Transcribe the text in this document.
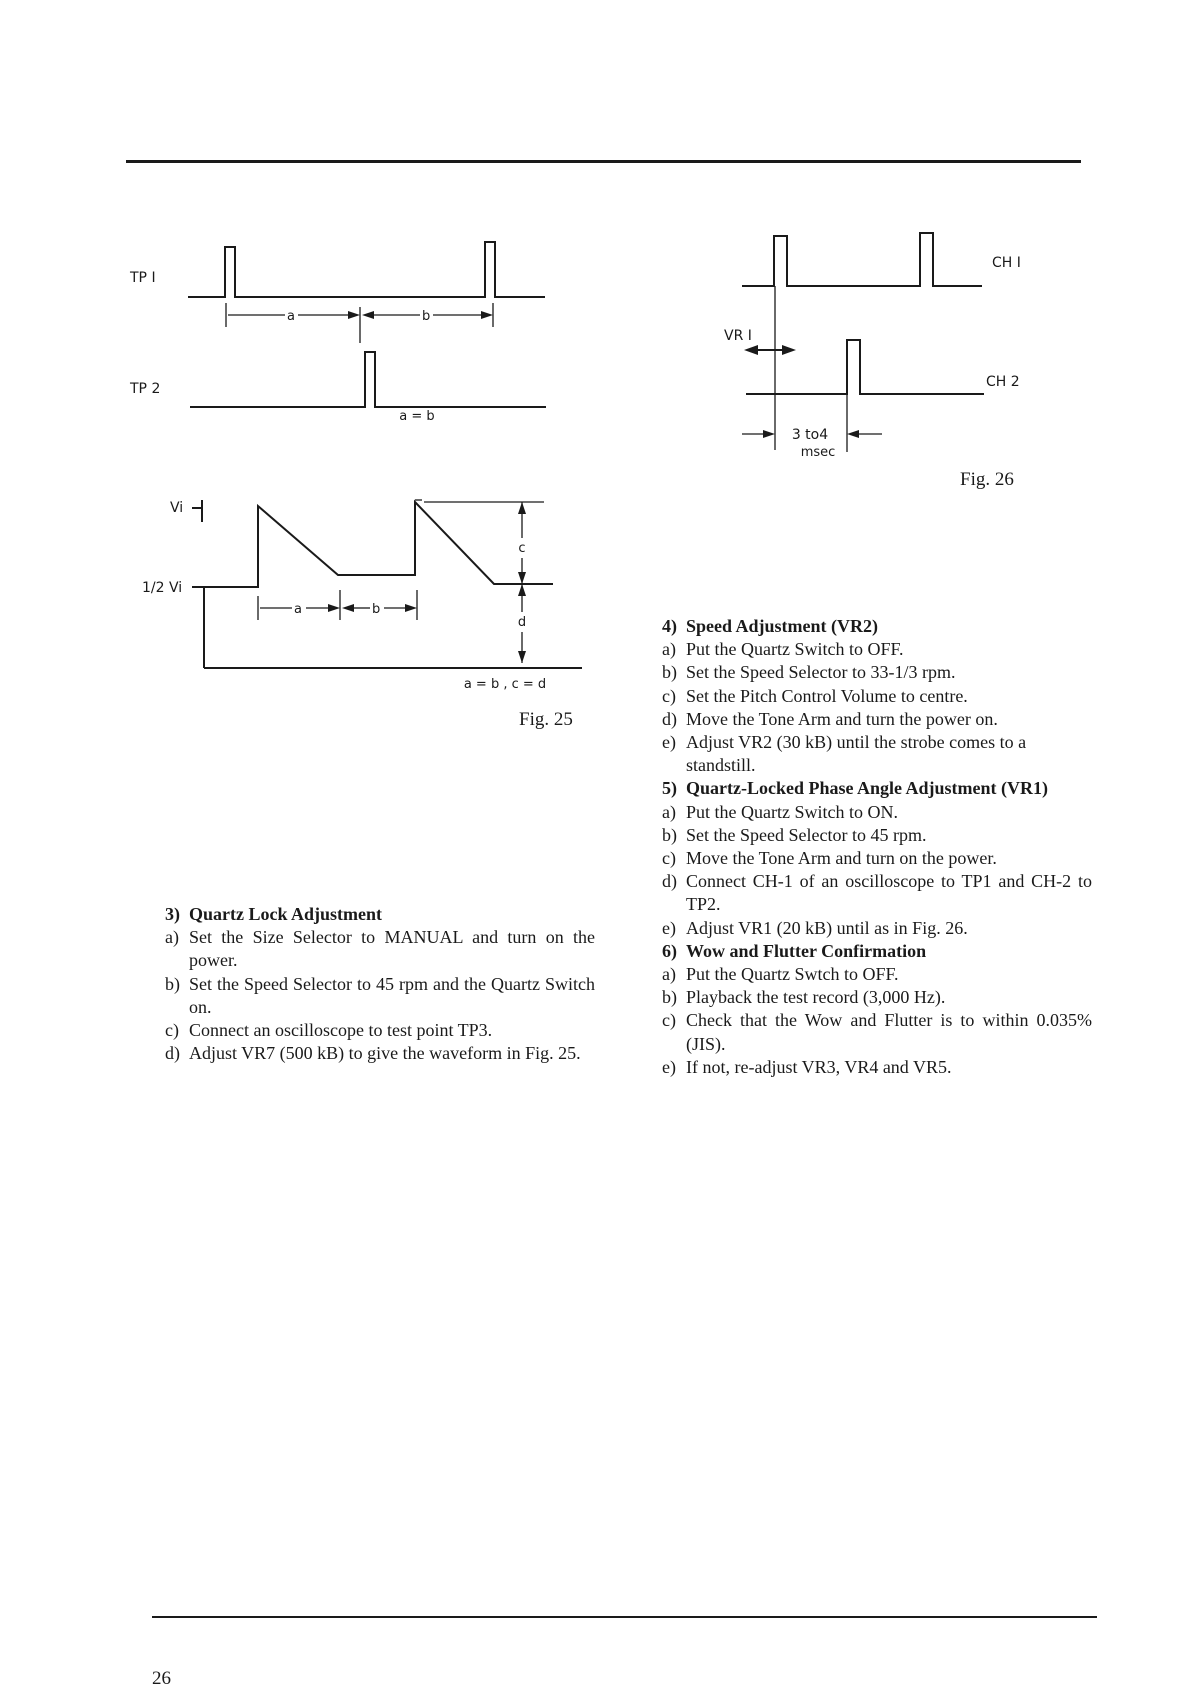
TP I
a	b
TP 2
a = b
Vi
1/2 Vi
c
d
a	b
a = b , c = d
Fig. 25
CH I
VR I
CH 2
3 to4
msec
Fig. 26
3) Quartz Lock Adjustment
a) Set the Size Selector to MANUAL and turn on the power.
b) Set the Speed Selector to 45 rpm and the Quartz Switch on.
c) Connect an oscilloscope to test point TP3.
d) Adjust VR7 (500 kB) to give the waveform in Fig. 25.
4) Speed Adjustment (VR2)
a) Put the Quartz Switch to OFF.
b) Set the Speed Selector to 33-1/3 rpm.
c) Set the Pitch Control Volume to centre.
d) Move the Tone Arm and turn the power on.
e) Adjust VR2 (30 kB) until the strobe comes to a standstill.
5) Quartz-Locked Phase Angle Adjustment (VR1)
a) Put the Quartz Switch to ON.
b) Set the Speed Selector to 45 rpm.
c) Move the Tone Arm and turn on the power.
d) Connect CH-1 of an oscilloscope to TP1 and CH-2 to TP2.
e) Adjust VR1 (20 kB) until as in Fig. 26.
6) Wow and Flutter Confirmation
a) Put the Quartz Swtch to OFF.
b) Playback the test record (3,000 Hz).
c) Check that the Wow and Flutter is to within 0.035% (JIS).
e) If not, re-adjust VR3, VR4 and VR5.
26
